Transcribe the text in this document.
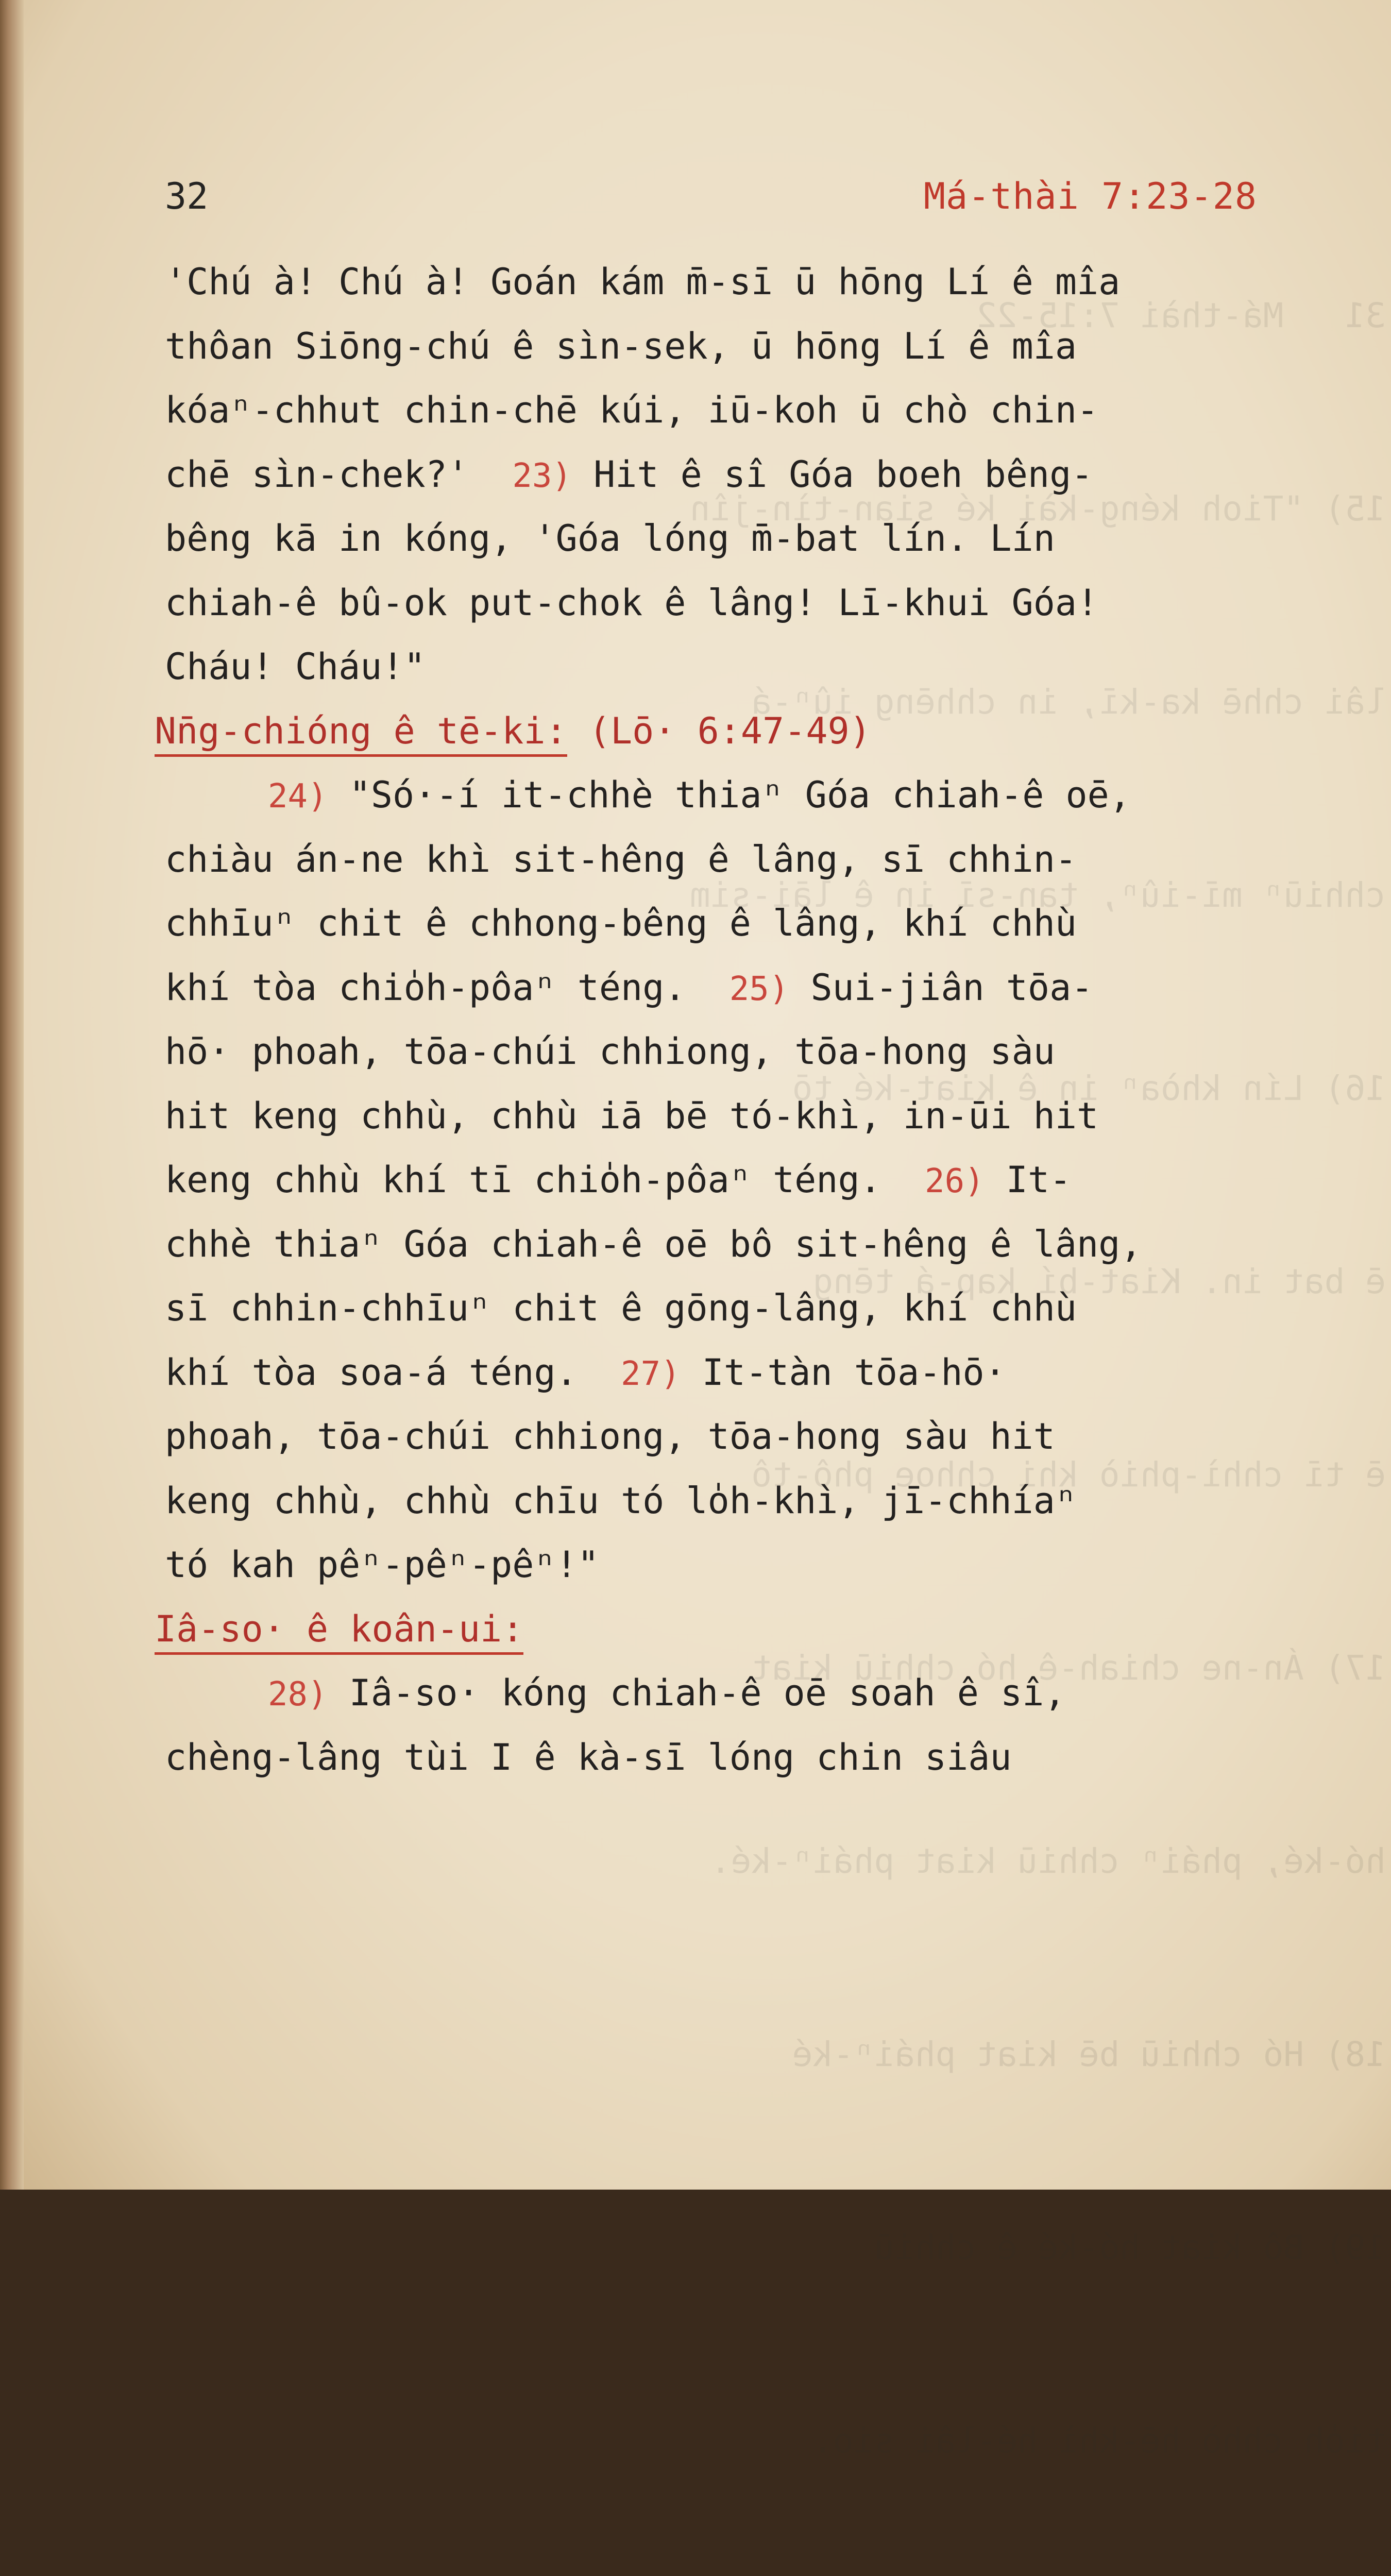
31   Má-thài 7:15-22

15) "Tioh kéng-kài ké sian-tìn-jîn

lâi chhē ka-kī, in chhēng iûⁿ-á

chhiūⁿ mī-iûⁿ, tan-sī in ê lāi-sim

16) Lín khòaⁿ in ê kiat-ké tō

ē bat in. Kiat-bí kap-á tēng

ē tī chhì-phiò khi chhoe phô-tô

17) Án-ne chiah-ê hó chhiū kiat

hó-ké, pháiⁿ chhiū kiat pháiⁿ-ké.

18) Hó chhiū bē kiat pháiⁿ-ké

19) Bô kiat hó-ké ê chhiū

tio̍h chhò hē-khì hé-lâi sio.

32	Má-thài 7:23-28
'Chú à! Chú à! Goán kám m̄-sī ū hōng Lí ê mîa
thôan Siōng-chú ê sìn-sek, ū hōng Lí ê mîa
kóaⁿ-chhut chin-chē kúi, iū-koh ū chò chin-
chē sìn-chek?' 23) Hit ê sî Góa boeh bêng-
bêng kā in kóng, 'Góa lóng m̄-bat lín. Lín
chiah-ê bû-ok put-chok ê lâng! Lī-khui Góa!
Cháu! Cháu!"
Nn̄g-chióng ê tē-ki: (Lō· 6:47-49)
24) "Só·-í it-chhè thiaⁿ Góa chiah-ê oē,
chiàu án-ne khì sit-hêng ê lâng, sī chhin-
chhīuⁿ chit ê chhong-bêng ê lâng, khí chhù
khí tòa chio̍h-pôaⁿ téng. 25) Sui-jiân tōa-
hō· phoah, tōa-chúi chhiong, tōa-hong sàu
hit keng chhù, chhù iā bē tó-khì, in-ūi hit
keng chhù khí tī chio̍h-pôaⁿ téng. 26) It-
chhè thiaⁿ Góa chiah-ê oē bô sit-hêng ê lâng,
sī chhin-chhīuⁿ chit ê gōng-lâng, khí chhù
khí tòa soa-á téng. 27) It-tàn tōa-hō·
phoah, tōa-chúi chhiong, tōa-hong sàu hit
keng chhù, chhù chīu tó lo̍h-khì, jī-chhíaⁿ
tó kah pêⁿ-pêⁿ-pêⁿ!"
Iâ-so· ê koân-ui:
28) Iâ-so· kóng chiah-ê oē soah ê sî,
chèng-lâng tùi I ê kà-sī lóng chin siâu
